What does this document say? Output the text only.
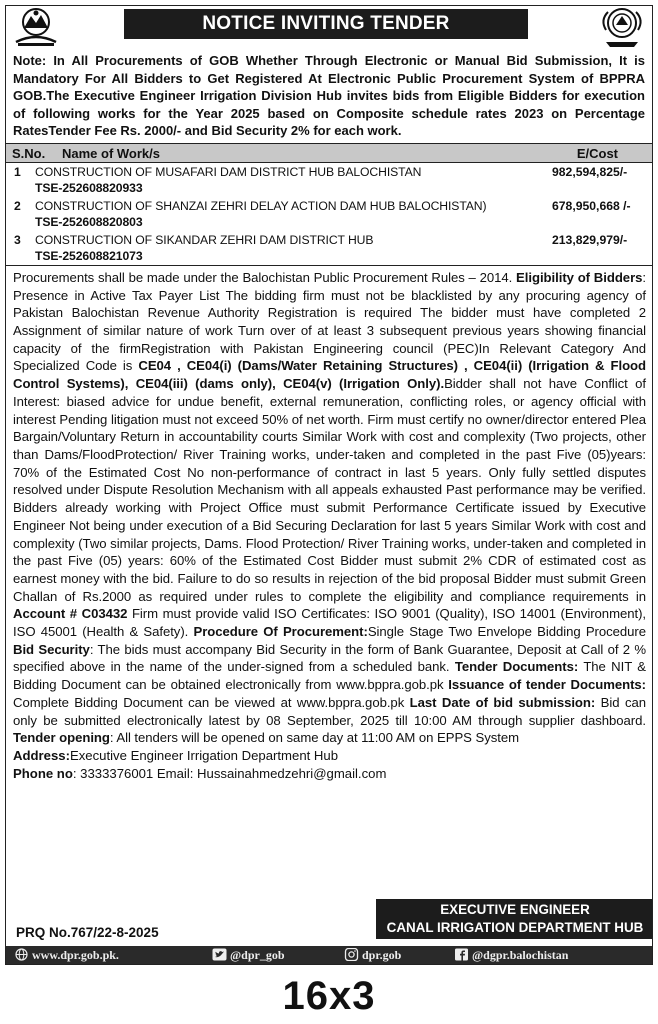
NOTICE INVITING TENDER
Note: In All Procurements of GOB Whether Through Electronic or Manual Bid Submission, It is Mandatory For All Bidders to Get Registered At Electronic Public Procurement System of BPPRA GOB.The Executive Engineer Irrigation Division Hub invites bids from Eligible Bidders for execution of following works for the Year 2025 based on Composite schedule rates 2023 on Percentage RatesTender Fee Rs. 2000/- and Bid Security 2% for each work.
S.No. Name of Work/s	E/Cost
1 CONSTRUCTION OF MUSAFARI DAM DISTRICT HUB BALOCHISTAN
TSE-252608820933
982,594,825/-
2 CONSTRUCTION OF SHANZAI ZEHRI DELAY ACTION DAM HUB BALOCHISTAN) TSE-252608820803
678,950,668 /-
3 CONSTRUCTION OF SIKANDAR ZEHRI DAM DISTRICT HUB
TSE-252608821073
213,829,979/-
Procurements shall be made under the Balochistan Public Procurement Rules – 2014. Eligibility of Bidders: Presence in Active Tax Payer List The bidding firm must not be blacklisted by any procuring agency of Pakistan Balochistan Revenue Authority Registration is required The bidder must have completed 2 Assignment of similar nature of work Turn over of at least 3 subsequent previous years showing financial capacity of the firmRegistration with Pakistan Engineering council (PEC)In Relevant Category And Specialized Code is CE04 , CE04(i) (Dams/Water Retaining Structures) , CE04(ii) (Irrigation & Flood Control Systems), CE04(iii) (dams only), CE04(v) (Irrigation Only).Bidder shall not have Conflict of Interest: biased advice for undue benefit, external remuneration, conflicting roles, or agency official with interest Pending litigation must not exceed 50% of net worth. Firm must certify no owner/director entered Plea Bargain/Voluntary Return in accountability courts Similar Work with cost and complexity (Two projects, other than Dams/FloodProtection/ River Training works, under-taken and completed in the past Five (05)years: 70% of the Estimated Cost No non-performance of contract in last 5 years. Only fully settled disputes resolved under Dispute Resolution Mechanism with all appeals exhausted Past performance may be verified. Bidders already working with Project Office must submit Performance Certificate issued by Executive Engineer Not being under execution of a Bid Securing Declaration for last 5 years Similar Work with cost and complexity (Two similar projects, Dams. Flood Protection/ River Training works, under-taken and completed in the past Five (05) years: 60% of the Estimated Cost Bidder must submit 2% CDR of estimated cost as earnest money with the bid. Failure to do so results in rejection of the bid proposal Bidder must submit Green Challan of Rs.2000 as required under rules to complete the eligibility and compliance requirements in Account # C03432 Firm must provide valid ISO Certificates: ISO 9001 (Quality), ISO 14001 (Environment), ISO 45001 (Health & Safety). Procedure Of Procurement:Single Stage Two Envelope Bidding Procedure Bid Security: The bids must accompany Bid Security in the form of Bank Guarantee, Deposit at Call of 2 % specified above in the name of the under-signed from a scheduled bank. Tender Documents: The NIT & Bidding Document can be obtained electronically from www.bppra.gob.pk Issuance of tender Documents: Complete Bidding Document can be viewed at www.bppra.gob.pk Last Date of bid submission: Bid can only be submitted electronically latest by 08 September, 2025 till 10:00 AM through supplier dashboard. Tender opening: All tenders will be opened on same day at 11:00 AM on EPPS System
Address:Executive Engineer Irrigation Department Hub
Phone no: 3333376001 Email: Hussainahmedzehri@gmail.com
EXECUTIVE ENGINEER
CANAL IRRIGATION DEPARTMENT HUB
PRQ No.767/22-8-2025
www.dpr.gob.pk.	@dpr_gob	dpr.gob	@dgpr.balochistan
16x3
